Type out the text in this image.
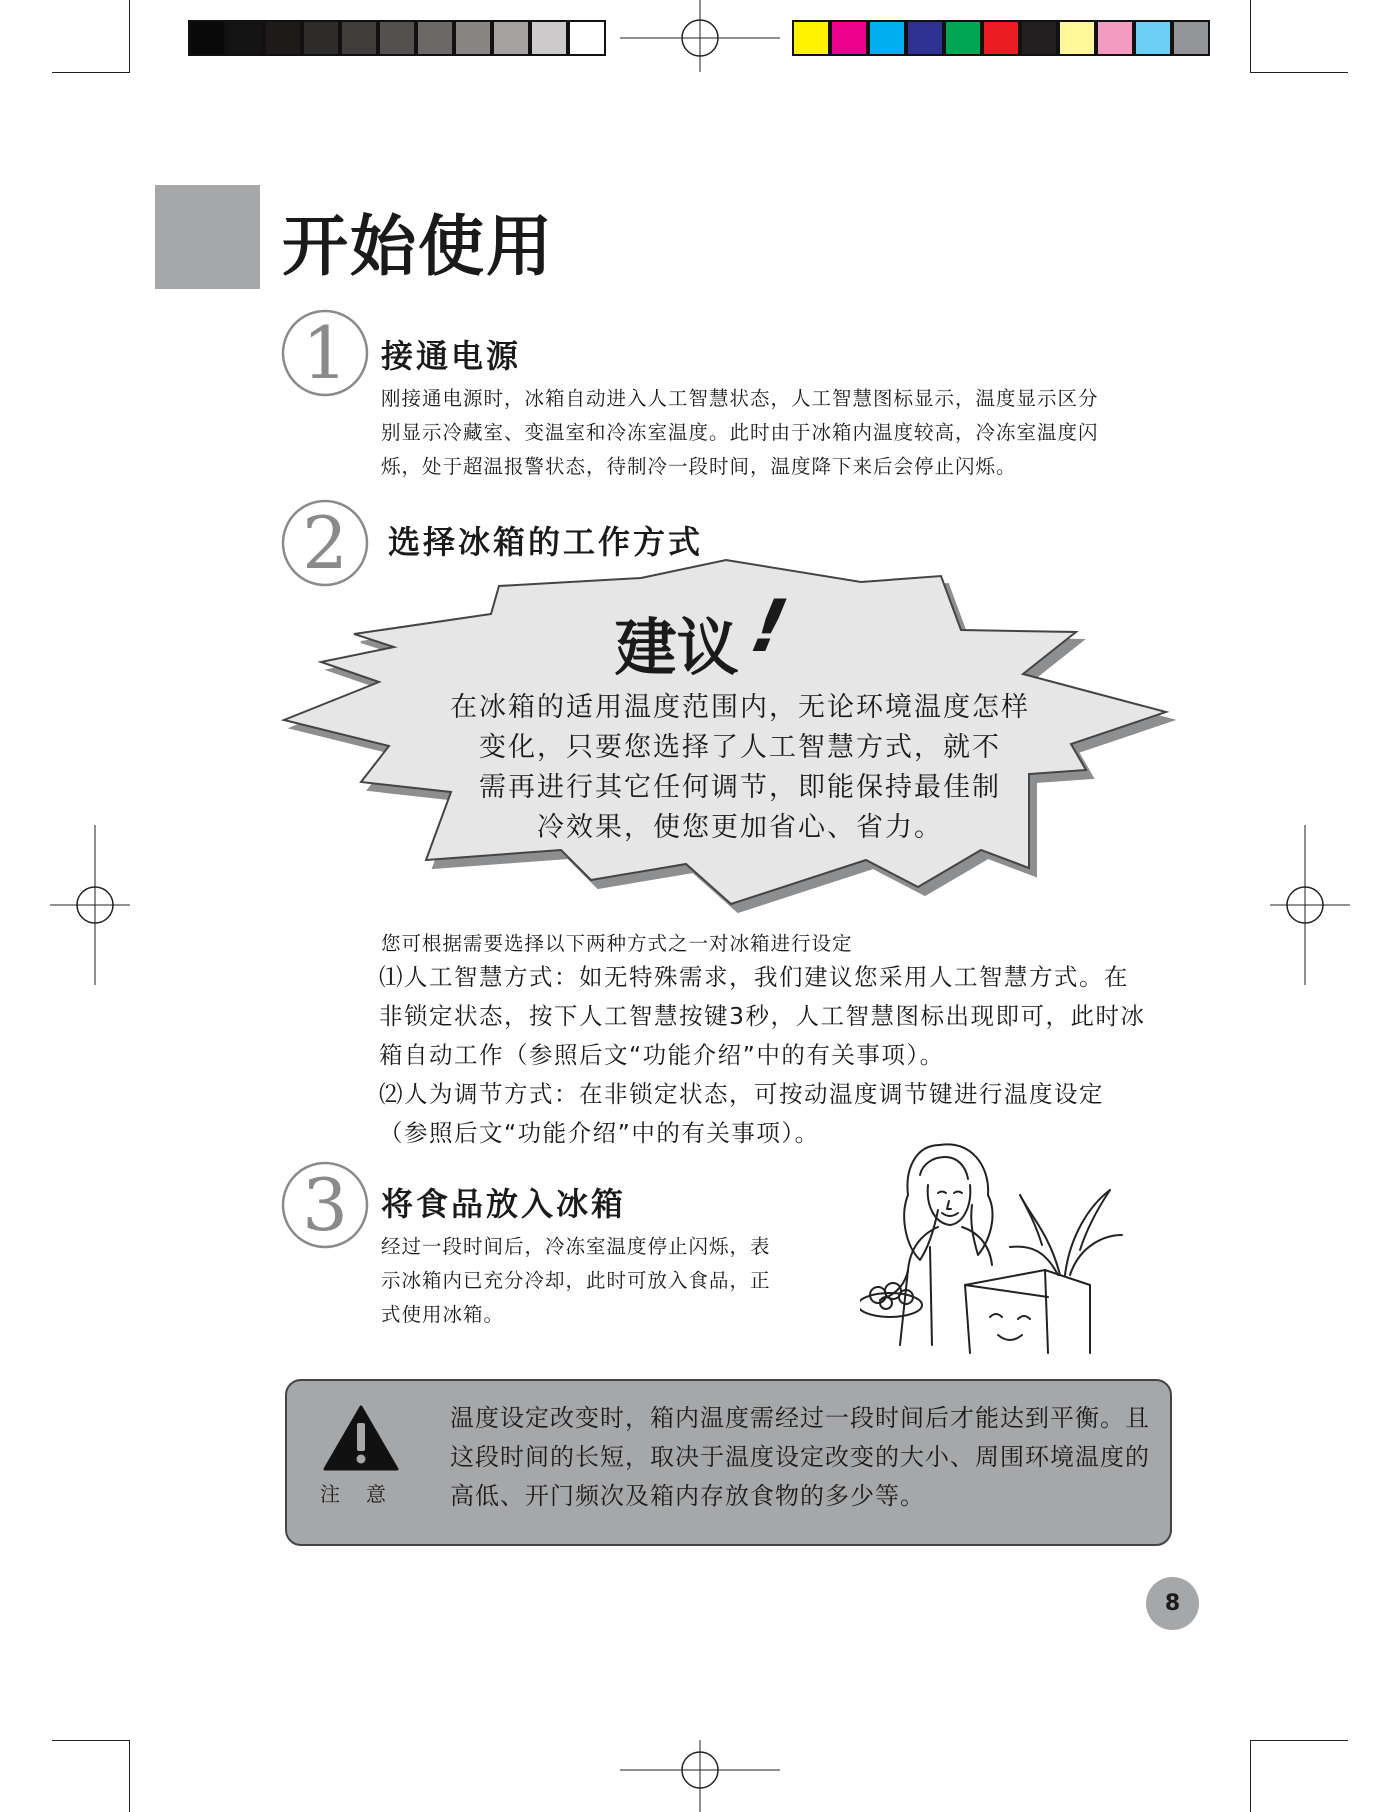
开始使用
1	接通电源
刚接通电源时，冰箱自动进入人工智慧状态，人工智慧图标显示，温度显示区分
别显示冷藏室、变温室和冷冻室温度。此时由于冰箱内温度较高，冷冻室温度闪
烁，处于超温报警状态，待制冷一段时间，温度降下来后会停止闪烁。
2	选择冰箱的工作方式
建议!
在冰箱的适用温度范围内，无论环境温度怎样
变化，只要您选择了人工智慧方式，就不
需再进行其它任何调节，即能保持最佳制
冷效果，使您更加省心、省力。
您可根据需要选择以下两种方式之一对冰箱进行设定
⑴人工智慧方式：如无特殊需求，我们建议您采用人工智慧方式。在
非锁定状态，按下人工智慧按键3秒，人工智慧图标出现即可，此时冰
箱自动工作（参照后文“功能介绍”中的有关事项）。
⑵人为调节方式：在非锁定状态，可按动温度调节键进行温度设定
（参照后文“功能介绍”中的有关事项）。
3	将食品放入冰箱
经过一段时间后，冷冻室温度停止闪烁，表
示冰箱内已充分冷却，此时可放入食品，正
式使用冰箱。
注意
温度设定改变时，箱内温度需经过一段时间后才能达到平衡。且
这段时间的长短，取决于温度设定改变的大小、周围环境温度的
高低、开门频次及箱内存放食物的多少等。
8
